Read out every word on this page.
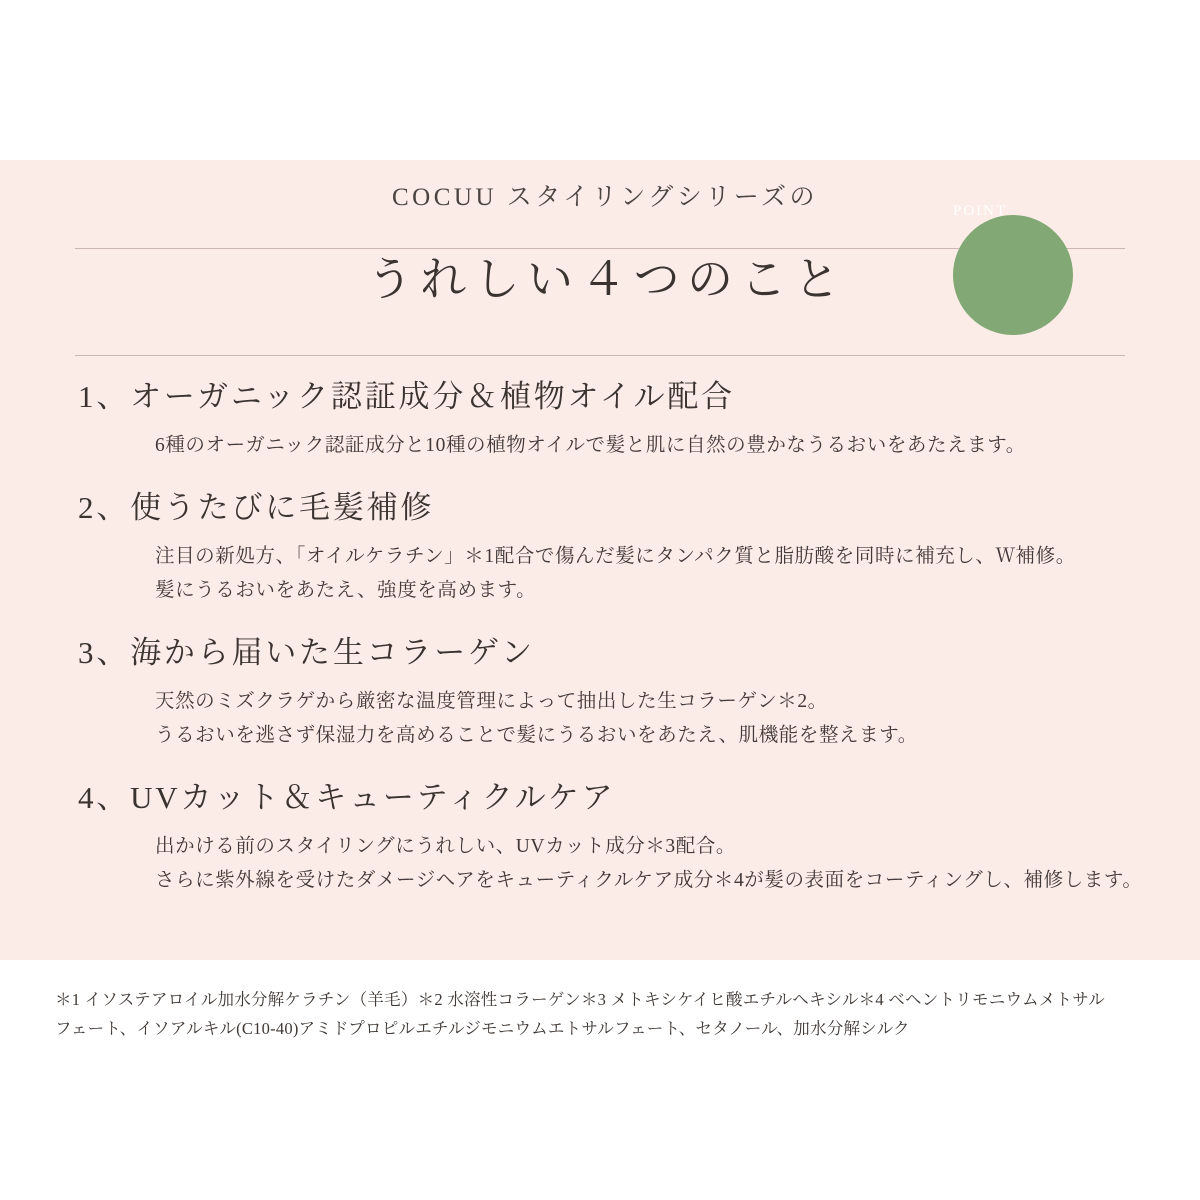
COCUU スタイリングシリーズの
うれしい４つのこと
POINT
1、 オーガニック認証成分＆植物オイル配合
6種のオーガニック認証成分と10種の植物オイルで髪と肌に自然の豊かなうるおいをあたえます。
2、 使うたびに毛髪補修
注目の新処方、「オイルケラチン」＊1配合で傷んだ髪にタンパク質と脂肪酸を同時に補充し、Ｗ補修。
髪にうるおいをあたえ、強度を高めます。
3、 海から届いた生コラーゲン
天然のミズクラゲから厳密な温度管理によって抽出した生コラーゲン＊2。
うるおいを逃さず保湿力を高めることで髪にうるおいをあたえ、肌機能を整えます。
4、 UVカット＆キューティクルケア
出かける前のスタイリングにうれしい、UVカット成分＊3配合。
さらに紫外線を受けたダメージヘアをキューティクルケア成分＊4が髪の表面をコーティングし、補修します。
＊1 イソステアロイル加水分解ケラチン（羊毛）＊2 水溶性コラーゲン＊3 メトキシケイヒ酸エチルヘキシル＊4 ベヘントリモニウムメトサル
フェート、イソアルキル(C10-40)アミドプロピルエチルジモニウムエトサルフェート、セタノール、加水分解シルク
